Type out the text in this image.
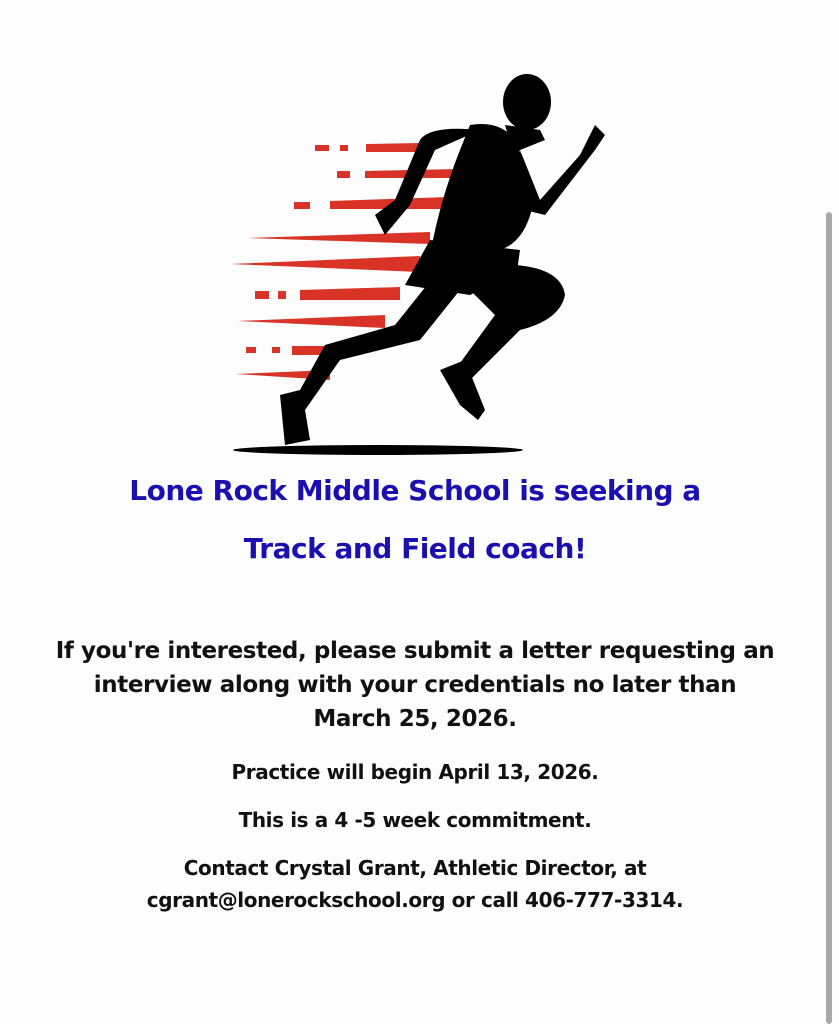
Lone Rock Middle School is seeking a
Track and Field coach!
If you're interested, please submit a letter requesting an
interview along with your credentials no later than
March 25, 2026.
Practice will begin April 13, 2026.
This is a 4 -5 week commitment.
Contact Crystal Grant, Athletic Director, at
cgrant@lonerockschool.org or call 406-777-3314.
